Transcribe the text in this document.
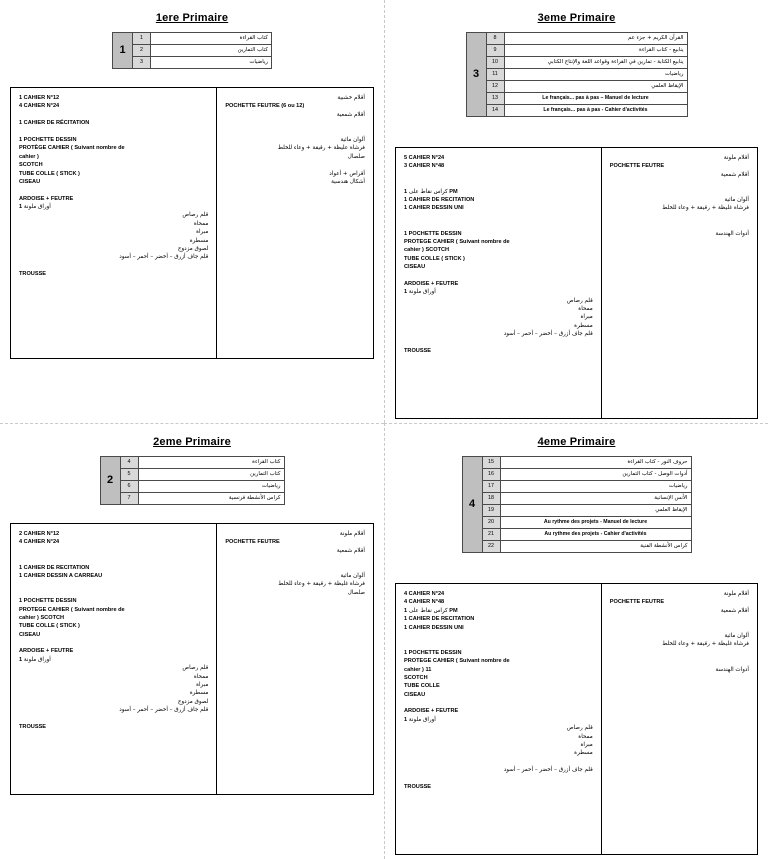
1ere Primaire
كتاب القراءة	1	1
كتاب التمارين	2	
رياضيات	3	
1 CAHIER N°12
4 CAHIER N°24

1 CAHIER DE RÉCITATION

1 POCHETTE DESSIN
PROTÈGE CAHIER ( Suivant nombre de
cahier )
SCOTCH
TUBE COLLE ( STICK )
CISEAU

ARDOISE + FEUTRE
1 أوراق ملونة
قلم رصاص
ممحاة
مبراة
مسطرة
لصوق مزدوج
قلم جاف أزرق – أخضر – أحمر – أسود

TROUSSE
أقلام خشبية
POCHETTE FEUTRE (6 ou 12)
أقلام شمعية

ألوان مائية
فرشاة عليظة + رقيقة + وعاء للخلط
صلصال

أقراص + أعواد
أشكال هندسية
3eme Primaire
القرآن الكريم + جزء عم	8	3
ينابيع - كتاب القراءة	9	
ينابيع الكتابة - تمارين في القراءة وقواعد اللغة والإنتاج الكتابي	10	
رياضيات	11	
الإيقاظ العلمي	12	
Le français... pas à pas – Manuel de lecture	13	
Le français... pas à pas - Cahier d'activités	14	
5 CAHIER N°24
3 CAHIER N°48

كراس نقاط على 1 PM
1 CAHIER DE RECITATION
1 CAHIER DESSIN UNI

1 POCHETTE DESSIN
PROTEGE CAHIER ( Suivant nombre de
cahier ) SCOTCH
TUBE COLLE ( STICK )
CISEAU

ARDOISE + FEUTRE
1 أوراق ملونة
قلم رصاص
ممحاة
مبراة
مسطرة
قلم جاف أزرق – أخضر – أحمر – أسود

TROUSSE
أقلام ملونة
POCHETTE FEUTRE
أقلام شمعية

ألوان مائية
فرشاة غليظة + رقيقة + وعاء للخلط

أدوات الهندسة
2eme Primaire
كتاب القراءة	4	2
كتاب التمارين	5	
رياضيات	6	
كراس الأنشطة فرنسية	7	
2 CAHIER N°12
4 CAHIER N°24

1 CAHIER DE RECITATION
1 CAHIER DESSIN A CARREAU

1 POCHETTE DESSIN
PROTEGE CAHIER ( Suivant nombre de
cahier ) SCOTCH
TUBE COLLE ( STICK )
CISEAU

ARDOISE + FEUTRE
1 أوراق ملونة
قلم رصاص
ممحاة
مبراة
مسطرة
لصوق مزدوج
قلم جاف أزرق – أخضر – أحمر – أسود

TROUSSE
أقلام ملونة
POCHETTE FEUTRE
أقلام شمعية

ألوان مائية
فرشاة غليظة + رقيقة + وعاء للخلط
صلصال
4eme Primaire
حروف النور - كتاب القراءة	15	4
أدوات الوصل - كتاب التمارين	16	
رياضيات	17	
الأنس الإنسانية	18	
الإيقاظ العلمي	19	
Au rythme des projets - Manuel de lecture	20	
Au rythme des projets - Cahier d'activités	21	
كراس الأنشطة الفنية	22	
4 CAHIER N°24
4 CAHIER N°48
كراس نقاط على 1 PM
1 CAHIER DE RECITATION
1 CAHIER DESSIN UNI

1 POCHETTE DESSIN
PROTEGE CAHIER ( Suivant nombre de
cahier ) 11
SCOTCH
TUBE COLLE
CISEAU

ARDOISE + FEUTRE
1 أوراق ملونة
قلم رصاص
ممحاة
مبراة
مسطرة

قلم جاف أزرق – أخضر – أحمر – أسود

TROUSSE
أقلام ملونة
POCHETTE FEUTRE
أقلام شمعية

ألوان مائية
فرشاة غليظة + رقيقة + وعاء للخلط

أدوات الهندسة
